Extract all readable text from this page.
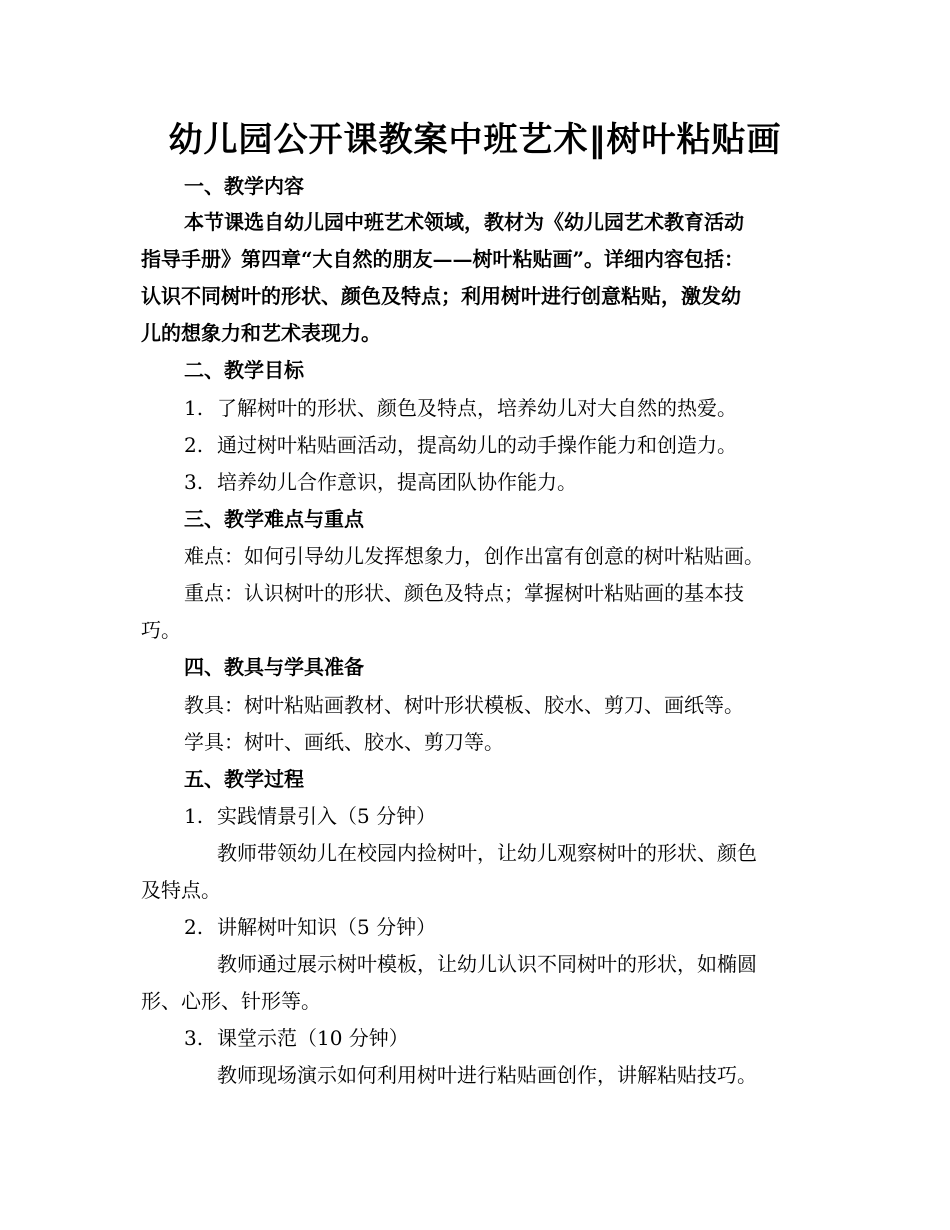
幼儿园公开课教案中班艺术‖树叶粘贴画
一、教学内容
本节课选自幼儿园中班艺术领域，教材为《幼儿园艺术教育活动
指导手册》第四章“大自然的朋友——树叶粘贴画”。详细内容包括：
认识不同树叶的形状、颜色及特点；利用树叶进行创意粘贴，激发幼
儿的想象力和艺术表现力。
二、教学目标
1. 了解树叶的形状、颜色及特点，培养幼儿对大自然的热爱。
2. 通过树叶粘贴画活动，提高幼儿的动手操作能力和创造力。
3. 培养幼儿合作意识，提高团队协作能力。
三、教学难点与重点
难点：如何引导幼儿发挥想象力，创作出富有创意的树叶粘贴画。
重点：认识树叶的形状、颜色及特点；掌握树叶粘贴画的基本技
巧。
四、教具与学具准备
教具：树叶粘贴画教材、树叶形状模板、胶水、剪刀、画纸等。
学具：树叶、画纸、胶水、剪刀等。
五、教学过程
1. 实践情景引入（5 分钟）
教师带领幼儿在校园内捡树叶，让幼儿观察树叶的形状、颜色
及特点。
2. 讲解树叶知识（5 分钟）
教师通过展示树叶模板，让幼儿认识不同树叶的形状，如椭圆
形、心形、针形等。
3. 课堂示范（10 分钟）
教师现场演示如何利用树叶进行粘贴画创作，讲解粘贴技巧。
